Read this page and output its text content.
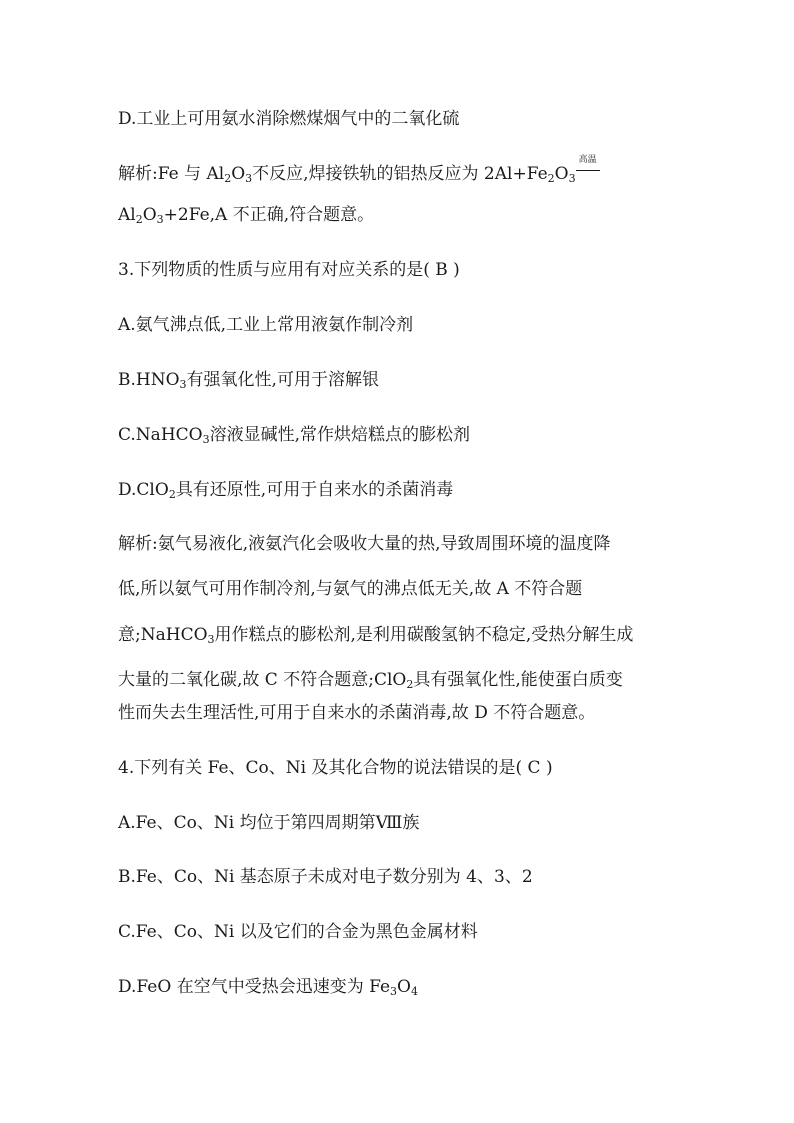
D.工业上可用氨水消除燃煤烟气中的二氧化硫
解析:Fe 与 $Al_2O_3$不反应,焊接铁轨的铝热反应为 $2Al+Fe_2O_3$
高温
$Al_2O_3+2Fe,A$ 不正确,符合题意。
3.下列物质的性质与应用有对应关系的是( B )
A.氨气沸点低,工业上常用液氨作制冷剂
$B.HNO_3$有强氧化性,可用于溶解银
C.NaHCO$_3$溶液显碱性,常作烘焙糕点的膨松剂
D.ClO$_2$具有还原性,可用于自来水的杀菌消毒
解析:氨气易液化,液氨汽化会吸收大量的热,导致周围环境的温度降
低,所以氨气可用作制冷剂,与氨气的沸点低无关,故 A 不符合题
意;NaHCO$_3$用作糕点的膨松剂,是利用碳酸氢钠不稳定,受热分解生成
大量的二氧化碳,故 C 不符合题意;ClO$_2$具有强氧化性,能使蛋白质变
性而失去生理活性,可用于自来水的杀菌消毒,故 D 不符合题意。
4.下列有关 Fe、Co、Ni 及其化合物的说法错误的是( C )
A.Fe、Co、Ni 均位于第四周期第Ⅷ族
B.Fe、Co、Ni 基态原子未成对电子数分别为 4、3、2
C.Fe、Co、Ni 以及它们的合金为黑色金属材料
D.FeO 在空气中受热会迅速变为 $Fe_3O_4$
